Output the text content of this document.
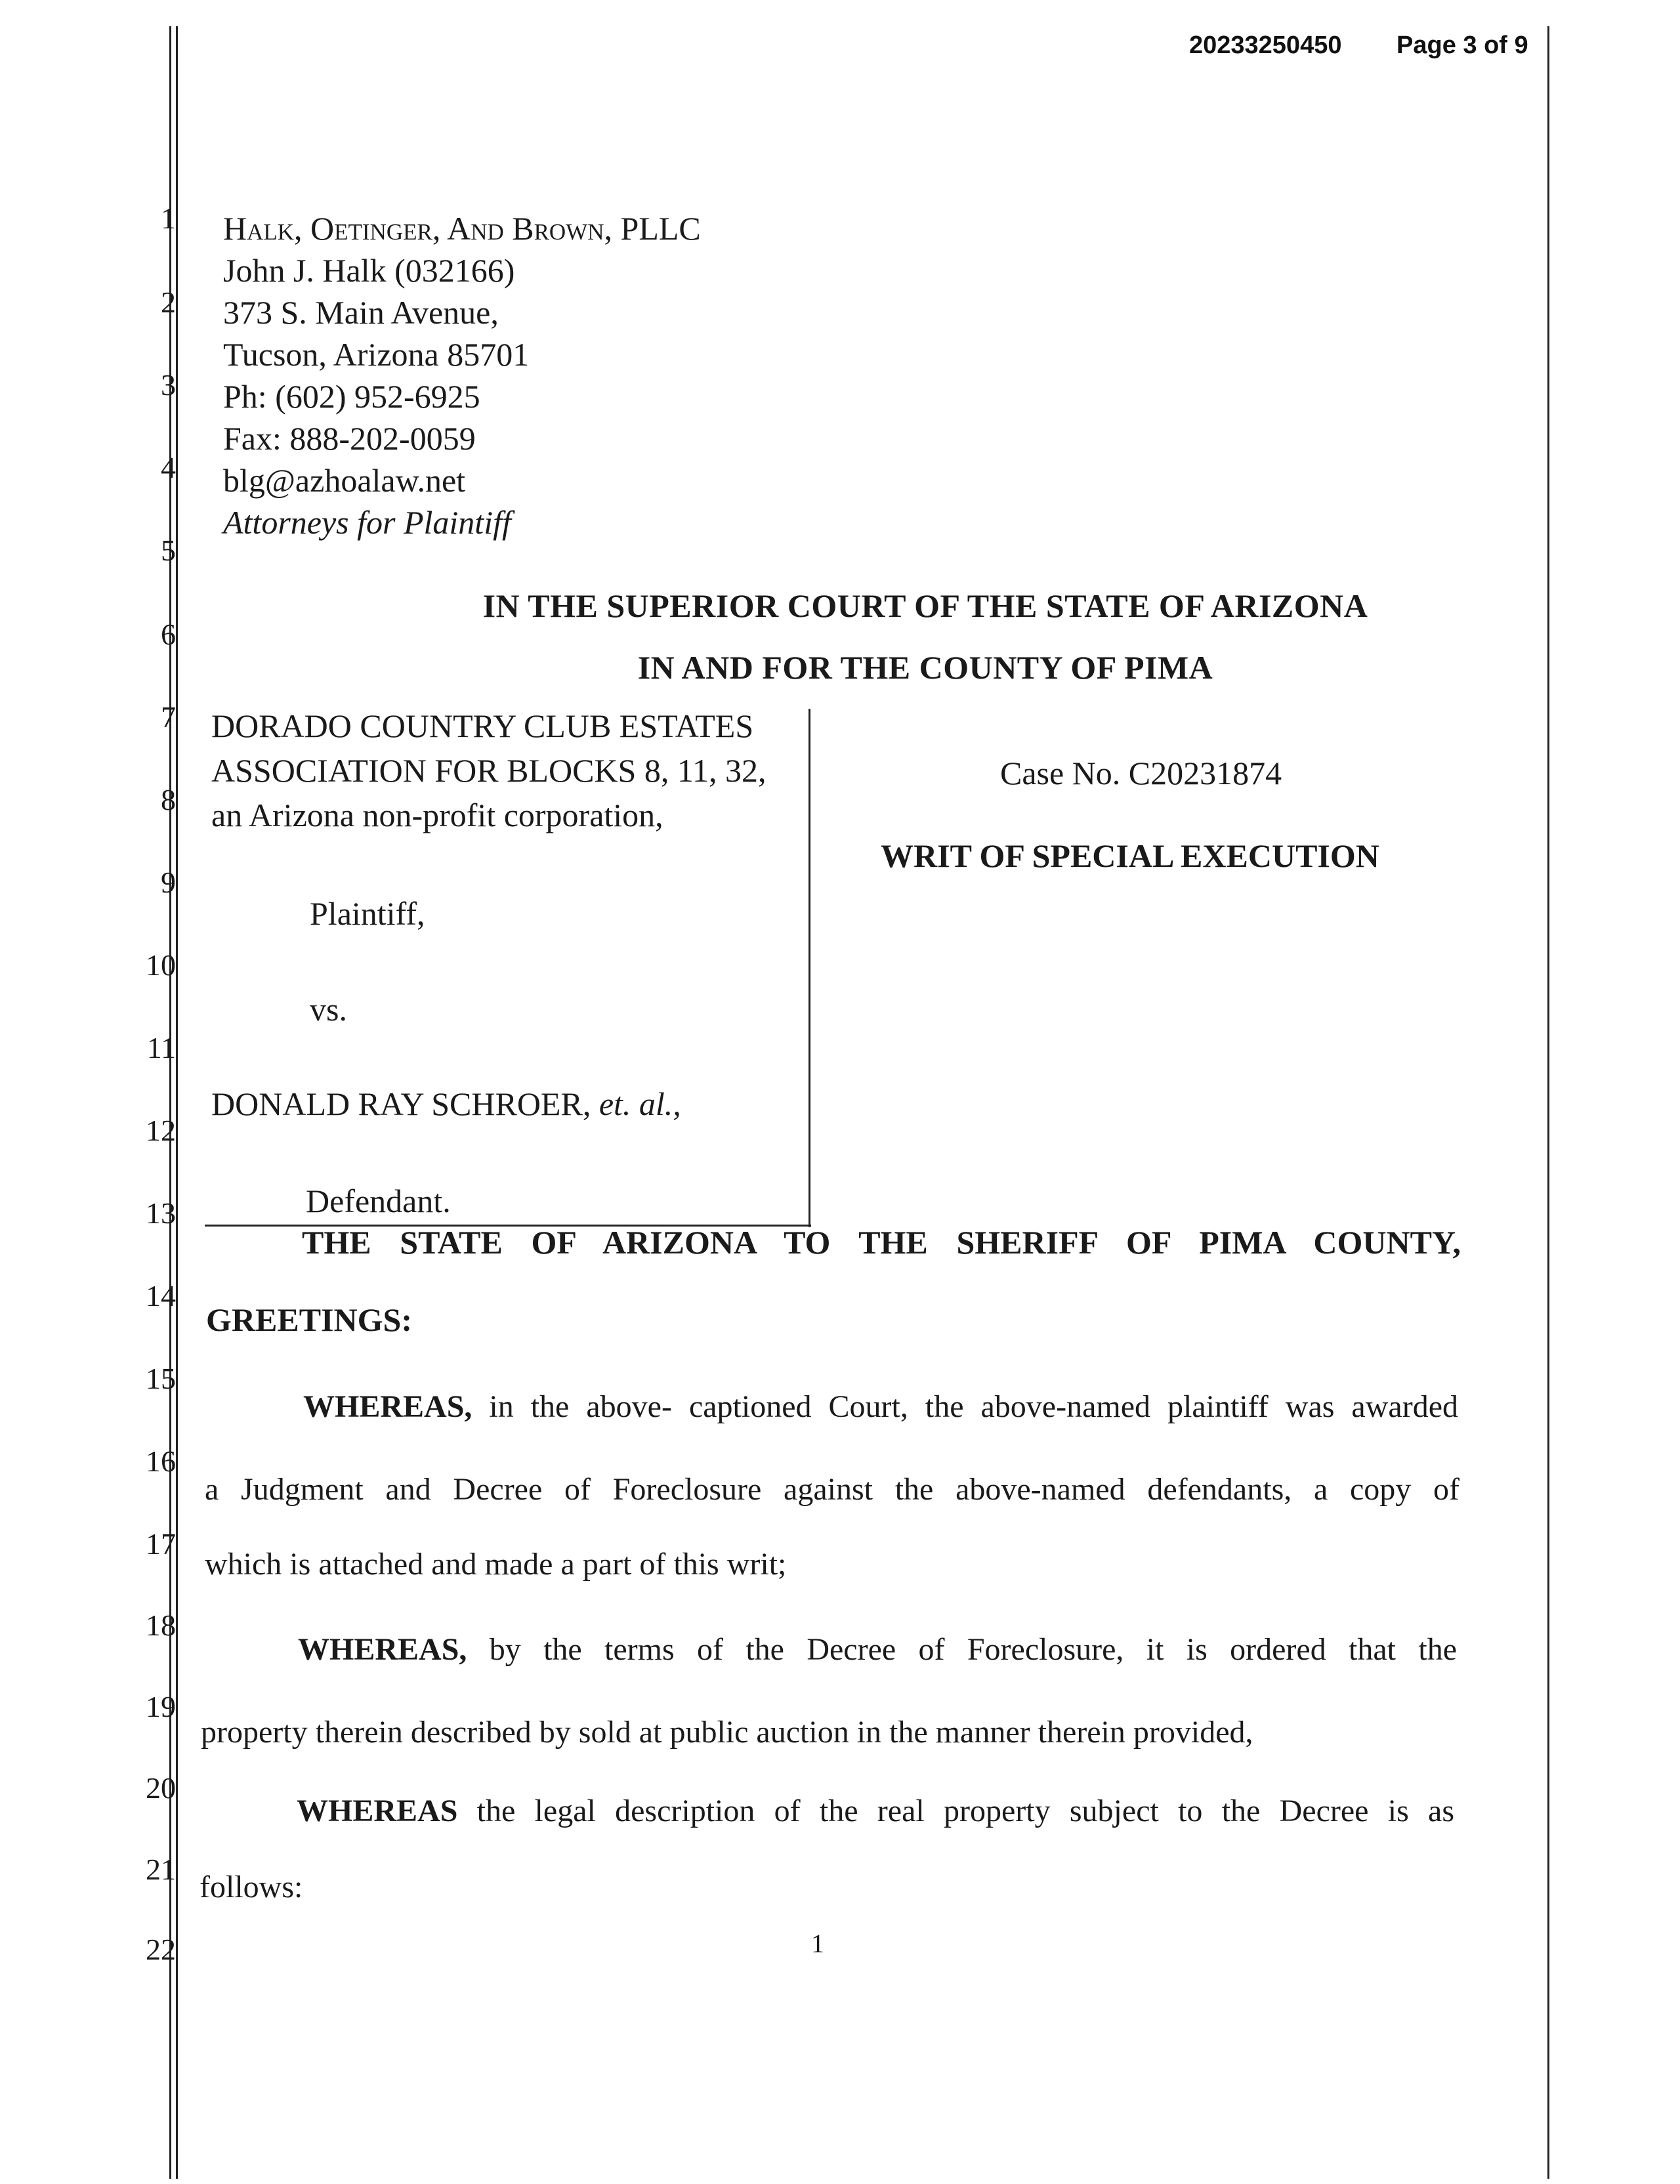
20233250450 Page 3 of 9
1
2
3
4
5
6
7
8
9
10
11
12
13
14
15
16
17
18
19
20
21
22
Halk, Oetinger, And Brown, PLLC
John J. Halk (032166)
373 S. Main Avenue,
Tucson, Arizona 85701
Ph: (602) 952-6925
Fax: 888-202-0059
blg@azhoalaw.net
Attorneys for Plaintiff
IN THE SUPERIOR COURT OF THE STATE OF ARIZONA
IN AND FOR THE COUNTY OF PIMA
DORADO COUNTRY CLUB ESTATES
ASSOCIATION FOR BLOCKS 8, 11, 32,
an Arizona non-profit corporation,
Plaintiff,
vs.
DONALD RAY SCHROER, et. al.,
Defendant.
Case No. C20231874
WRIT OF SPECIAL EXECUTION
THE STATE OF ARIZONA TO THE SHERIFF OF PIMA COUNTY,
GREETINGS:
WHEREAS, in the above- captioned Court, the above-named plaintiff was awarded
a Judgment and Decree of Foreclosure against the above-named defendants, a copy of
which is attached and made a part of this writ;
WHEREAS, by the terms of the Decree of Foreclosure, it is ordered that the
property therein described by sold at public auction in the manner therein provided,
WHEREAS the legal description of the real property subject to the Decree is as
follows:
1
